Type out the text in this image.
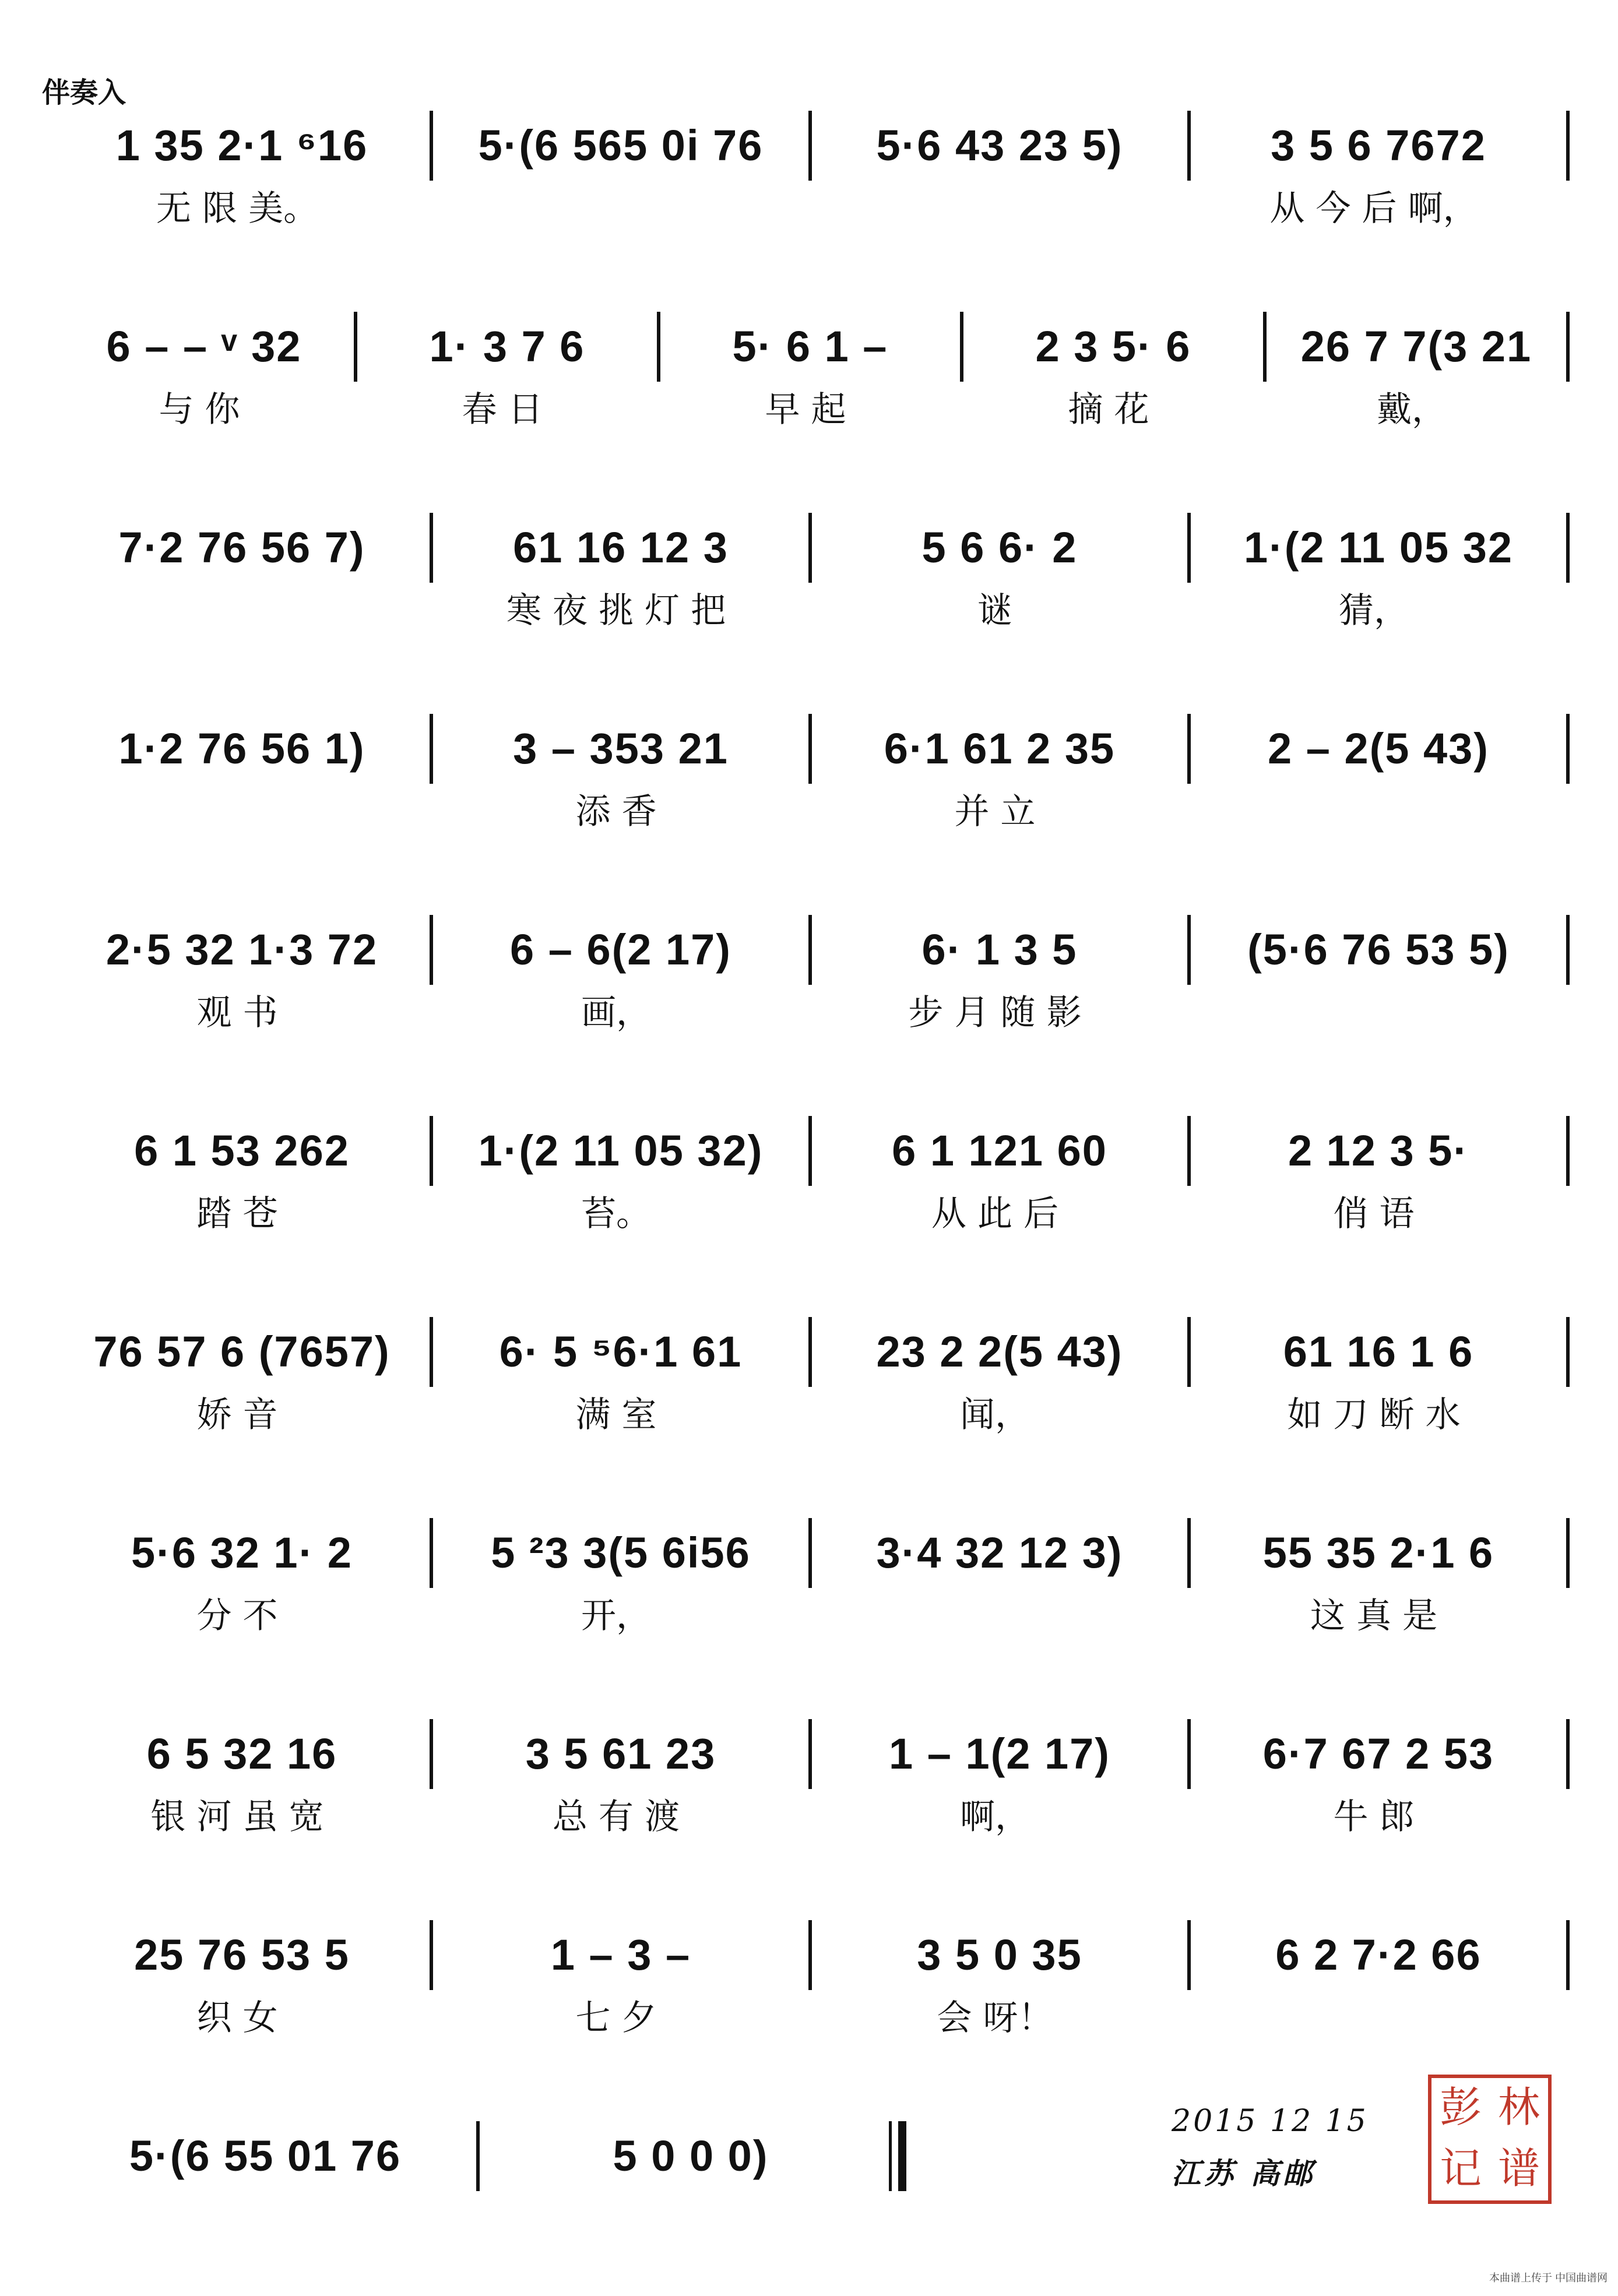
伴奏入
1 35 2·1 ⁶16	5·(6 565 0i 76	5·6 43 23 5)	3 5 6 7672
无 限 美。	从 今 后 啊，
6 – – ᵛ 32	1· 3 7 6	5· 6 1 –	2 3 5· 6	26 7 7(3 21
与 你	春 日	早 起	摘 花	戴，
7·2 76 56 7)	61 16 12 3	5 6 6· 2	1·(2 11 05 32
寒 夜 挑 灯 把	谜	猜，
1·2 76 56 1)	3 – 353 21	6·1 61 2 35	2 – 2(5 43)
添 香	并 立
2·5 32 1·3 72	6 – 6(2 17)	6· 1 3 5	(5·6 76 53 5)
观 书	画，	步 月 随 影
6 1 53 262	1·(2 11 05 32)	6 1 121 60	2 12 3 5·
踏 苍	苔。	从 此 后	俏 语
76 57 6 (7657)	6· 5 ⁵6·1 61	23 2 2(5 43)	61 16 1 6
娇 音	满 室	闻，	如 刀 断 水
5·6 32 1· 2	5 ²3 3(5 6i56	3·4 32 12 3)	55 35 2·1 6
分 不	开，	这 真 是
6 5 32 16	3 5 61 23	1 – 1(2 17)	6·7 67 2 53
银 河 虽 宽	总 有 渡	啊，	牛 郎
25 76 53 5	1 – 3 –	3 5 0 35	6 2 7·2 66
织 女	七 夕	会 呀！
5·(6 55 01 76	5 0 0 0)
2015 12 15
江苏 高邮
彭 林
记 谱
本曲谱上传于 中国曲谱网
